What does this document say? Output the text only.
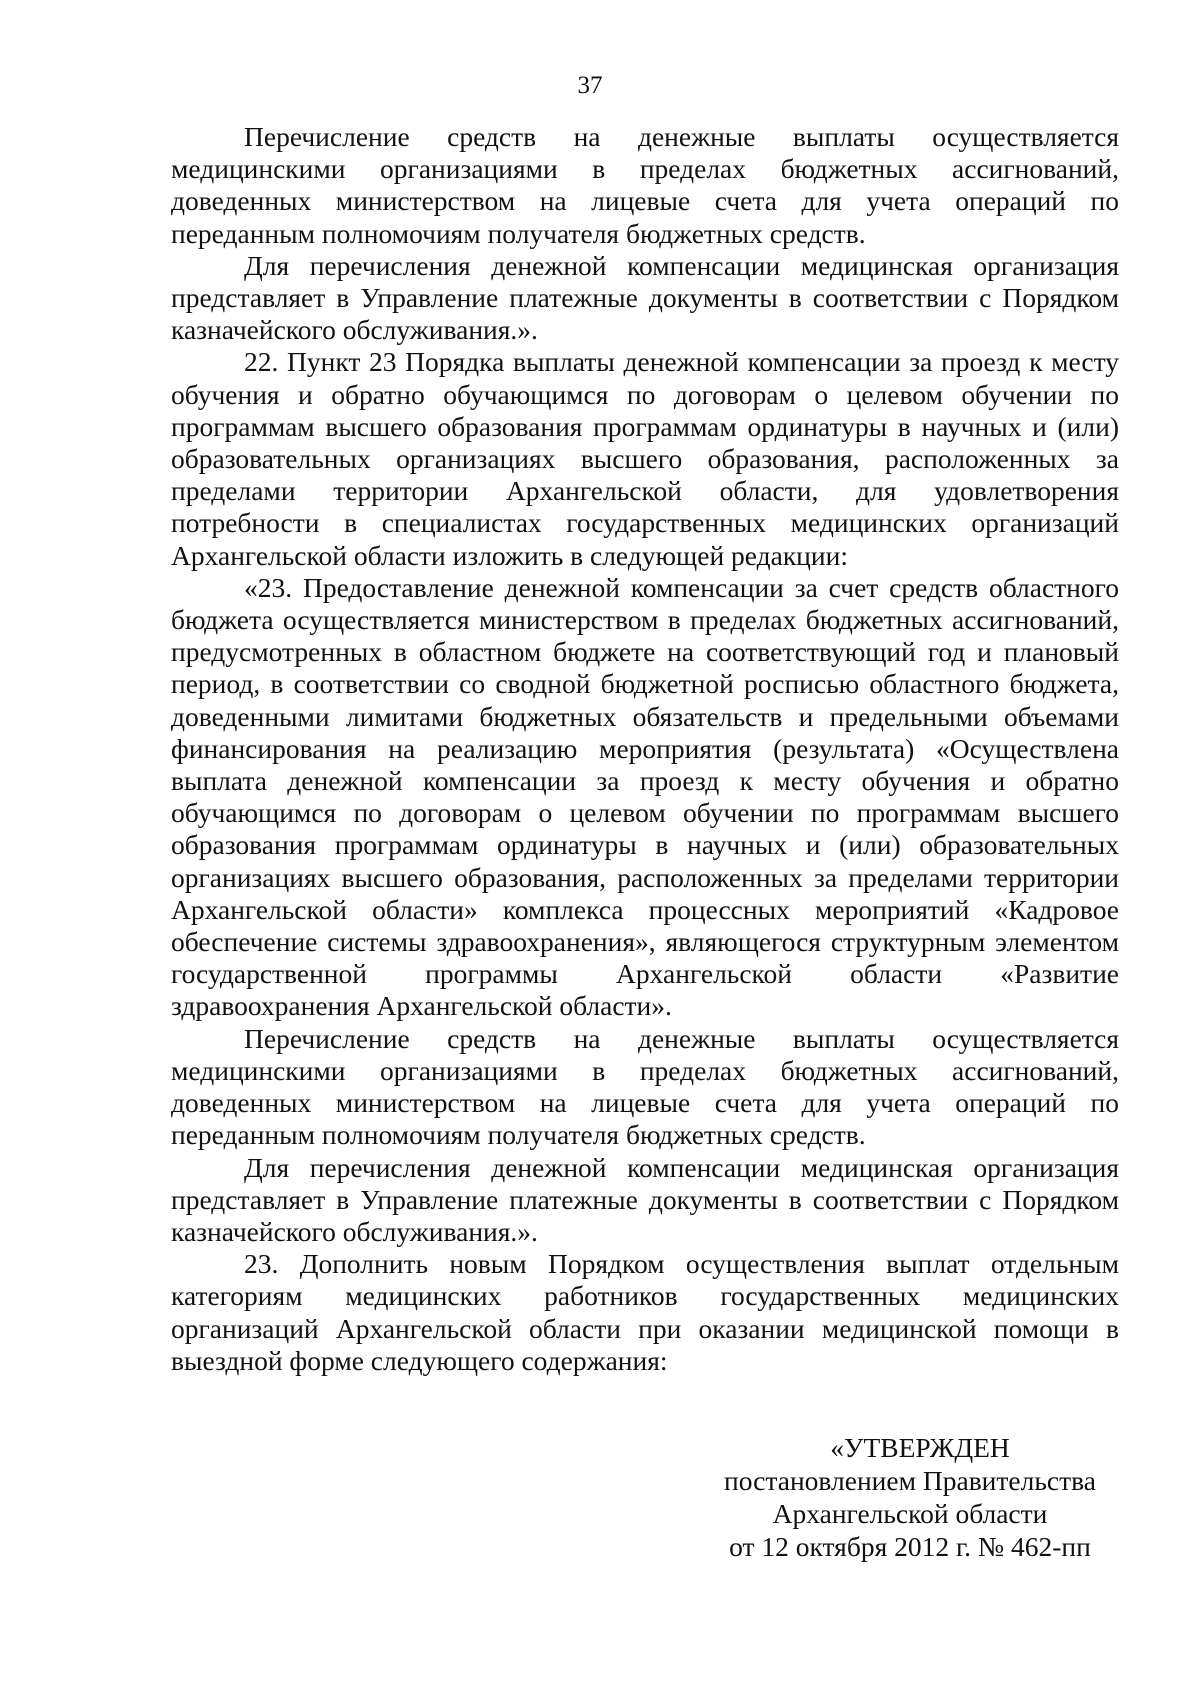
37

Перечисление средств на денежные выплаты осуществляется медицинскими организациями в пределах бюджетных ассигнований, доведенных министерством на лицевые счета для учета операций по переданным полномочиям получателя бюджетных средств.

Для перечисления денежной компенсации медицинская организация представляет в Управление платежные документы в соответствии с Порядком казначейского обслуживания.».

22. Пункт 23 Порядка выплаты денежной компенсации за проезд к месту обучения и обратно обучающимся по договорам о целевом обучении по программам высшего образования программам ординатуры в научных и (или) образовательных организациях высшего образования, расположенных за пределами территории Архангельской области, для удовлетворения потребности в специалистах государственных медицинских организаций Архангельской области изложить в следующей редакции:

«23. Предоставление денежной компенсации за счет средств областного бюджета осуществляется министерством в пределах бюджетных ассигнований, предусмотренных в областном бюджете на соответствующий год и плановый период, в соответствии со сводной бюджетной росписью областного бюджета, доведенными лимитами бюджетных обязательств и предельными объемами финансирования на реализацию мероприятия (результата) «Осуществлена выплата денежной компенсации за проезд к месту обучения и обратно обучающимся по договорам о целевом обучении по программам высшего образования программам ординатуры в научных и (или) образовательных организациях высшего образования, расположенных за пределами территории Архангельской области» комплекса процессных мероприятий «Кадровое обеспечение системы здравоохранения», являющегося структурным элементом государственной программы Архангельской области «Развитие здравоохранения Архангельской области».

Перечисление средств на денежные выплаты осуществляется медицинскими организациями в пределах бюджетных ассигнований, доведенных министерством на лицевые счета для учета операций по переданным полномочиям получателя бюджетных средств.

Для перечисления денежной компенсации медицинская организация представляет в Управление платежные документы в соответствии с Порядком казначейского обслуживания.».

23. Дополнить новым Порядком осуществления выплат отдельным категориям медицинских работников государственных медицинских организаций Архангельской области при оказании медицинской помощи в выездной форме следующего содержания:

«УТВЕРЖДЕН
постановлением Правительства
Архангельской области
от 12 октября 2012 г. № 462-пп
